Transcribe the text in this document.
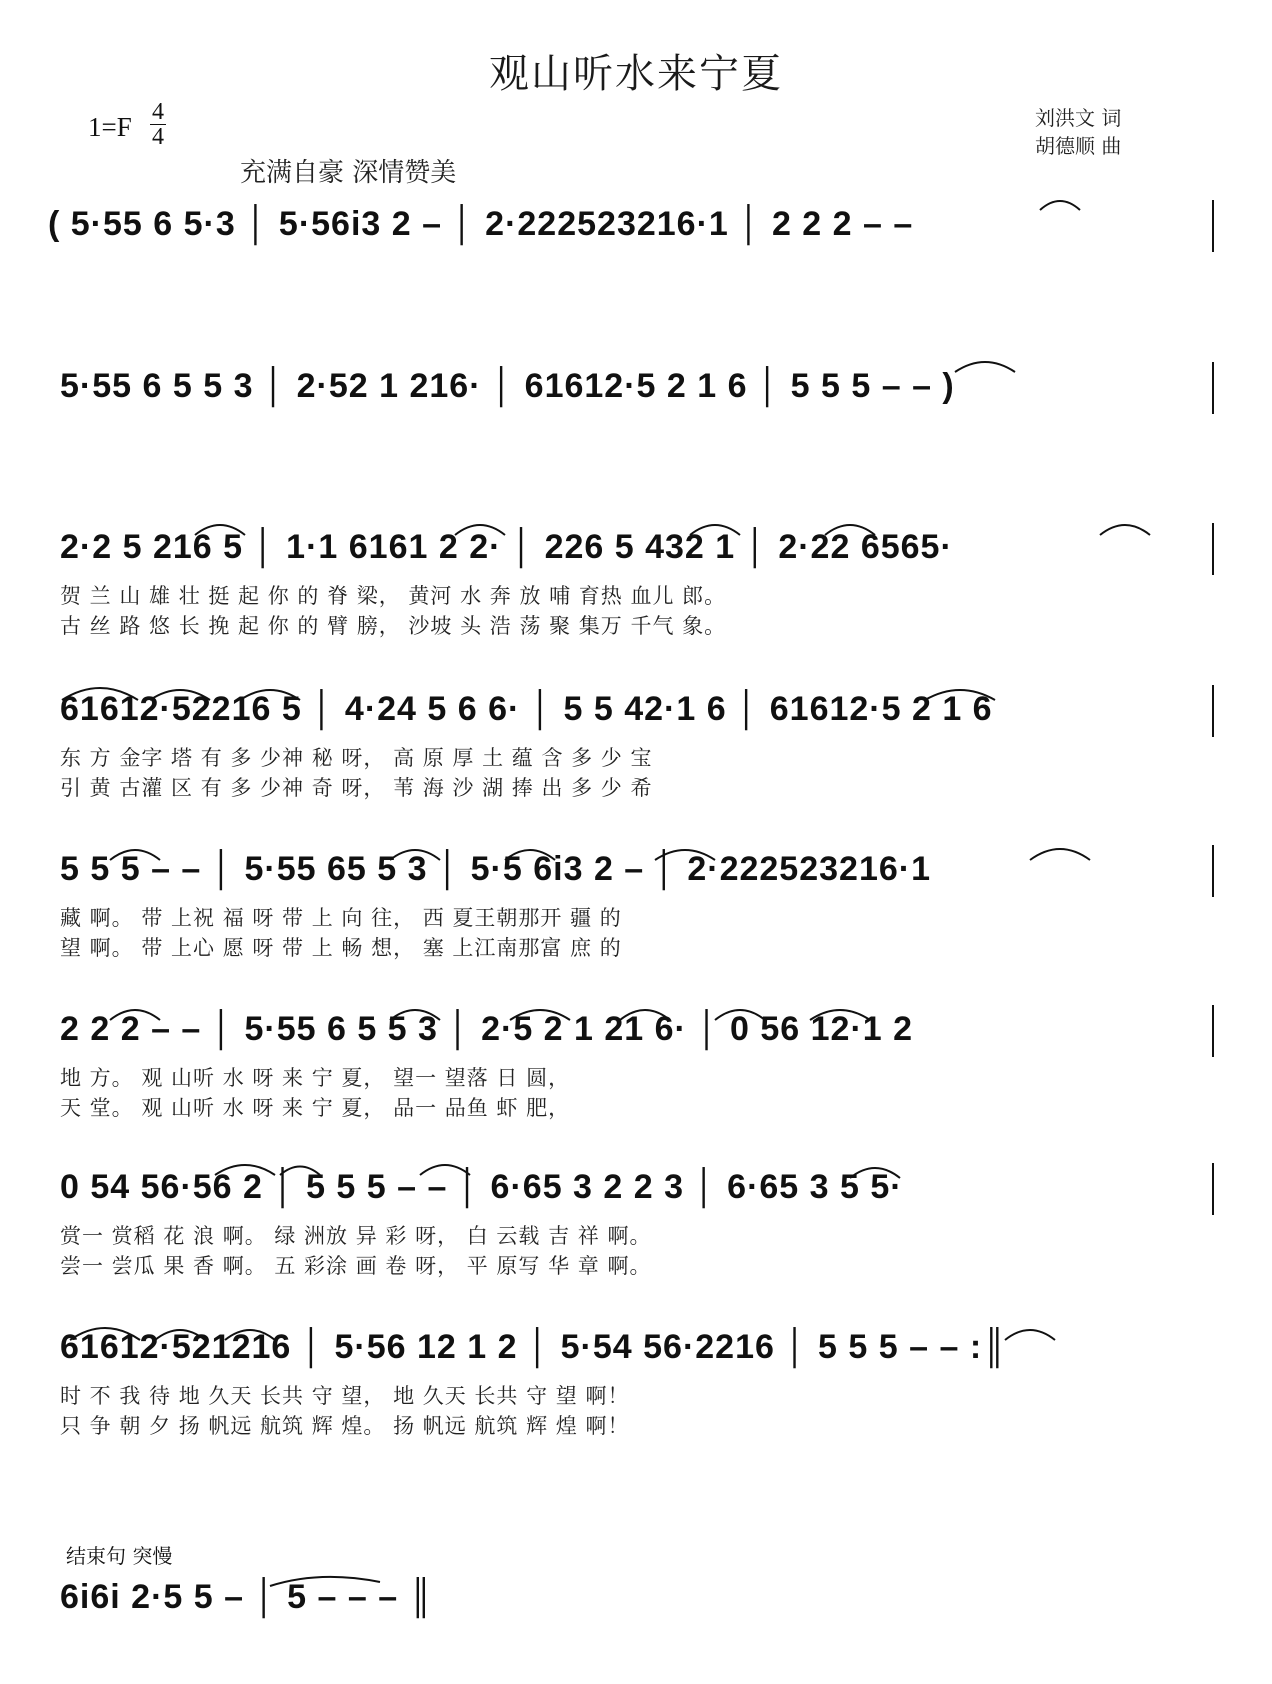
观山听水来宁夏
1=F 4
4
刘洪文 词
胡德顺 曲
充满自豪 深情赞美
( 5·55 6 5·3 │ 5·56i3 2 – │ 2·222523216·1 │ 2 2 2 – –
5·55 6 5 5 3 │ 2·52 1 216· │ 61612·5 2 1 6 │ 5 5 5 – – )
2·2 5 216 5 │ 1·1 6161 2 2· │ 226 5 432 1 │ 2·22 6565·
贺 兰 山 雄 壮 挺 起 你 的 脊 梁， 黄河 水 奔 放 哺 育热 血儿 郎。
古 丝 路 悠 长 挽 起 你 的 臂 膀， 沙坡 头 浩 荡 聚 集万 千气 象。
61612·52216 5 │ 4·24 5 6 6· │ 5 5 42·1 6 │ 61612·5 2 1 6
东 方 金字 塔 有 多 少神 秘 呀， 高 原 厚 土 蕴 含 多 少 宝
引 黄 古灌 区 有 多 少神 奇 呀， 苇 海 沙 湖 捧 出 多 少 希
5 5 5 – – │ 5·55 65 5 3 │ 5·5 6i3 2 – │ 2·222523216·1
藏 啊。 带 上祝 福 呀 带 上 向 往， 西 夏王朝那开 疆 的
望 啊。 带 上心 愿 呀 带 上 畅 想， 塞 上江南那富 庶 的
2 2 2 – – │ 5·55 6 5 5 3 │ 2·5 2 1 21 6· │ 0 56 12·1 2
地 方。 观 山听 水 呀 来 宁 夏， 望一 望落 日 圆，
天 堂。 观 山听 水 呀 来 宁 夏， 品一 品鱼 虾 肥，
0 54 56·56 2 │ 5 5 5 – – │ 6·65 3 2 2 3 │ 6·65 3 5 5·
赏一 赏稻 花 浪 啊。 绿 洲放 异 彩 呀， 白 云载 吉 祥 啊。
尝一 尝瓜 果 香 啊。 五 彩涂 画 卷 呀， 平 原写 华 章 啊。
61612·521216 │ 5·56 12 1 2 │ 5·54 56·2216 │ 5 5 5 – – :║
时 不 我 待 地 久天 长共 守 望， 地 久天 长共 守 望 啊！
只 争 朝 夕 扬 帆远 航筑 辉 煌。 扬 帆远 航筑 辉 煌 啊！
结束句 突慢
6i6i 2·5 5 – │ 5 – – – ║
